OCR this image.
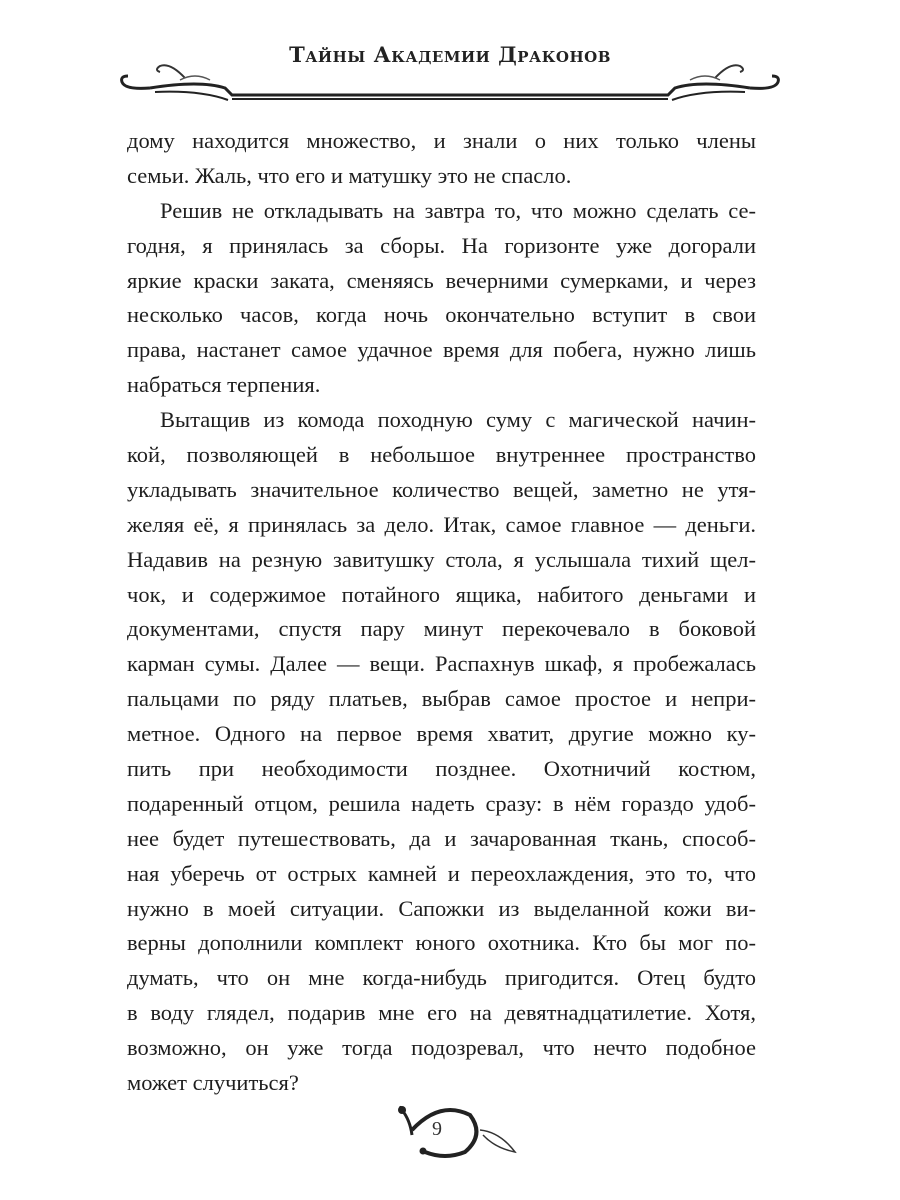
Тайны Академии Драконов
дому находится множество, и знали о них только члены
семьи. Жаль, что его и матушку это не спасло.
Решив не откладывать на завтра то, что можно сделать се-
годня, я принялась за сборы. На горизонте уже догорали
яркие краски заката, сменяясь вечерними сумерками, и через
несколько часов, когда ночь окончательно вступит в свои
права, настанет самое удачное время для побега, нужно лишь
набраться терпения.
Вытащив из комода походную суму с магической начин-
кой, позволяющей в небольшое внутреннее пространство
укладывать значительное количество вещей, заметно не утя-
желяя её, я принялась за дело. Итак, самое главное — деньги.
Надавив на резную завитушку стола, я услышала тихий щел-
чок, и содержимое потайного ящика, набитого деньгами и
документами, спустя пару минут перекочевало в боковой
карман сумы. Далее — вещи. Распахнув шкаф, я пробежалась
пальцами по ряду платьев, выбрав самое простое и непри-
метное. Одного на первое время хватит, другие можно ку-
пить при необходимости позднее. Охотничий костюм,
подаренный отцом, решила надеть сразу: в нём гораздо удоб-
нее будет путешествовать, да и зачарованная ткань, способ-
ная уберечь от острых камней и переохлаждения, это то, что
нужно в моей ситуации. Сапожки из выделанной кожи ви-
верны дополнили комплект юного охотника. Кто бы мог по-
думать, что он мне когда-нибудь пригодится. Отец будто
в воду глядел, подарив мне его на девятнадцатилетие. Хотя,
возможно, он уже тогда подозревал, что нечто подобное
может случиться?
9
